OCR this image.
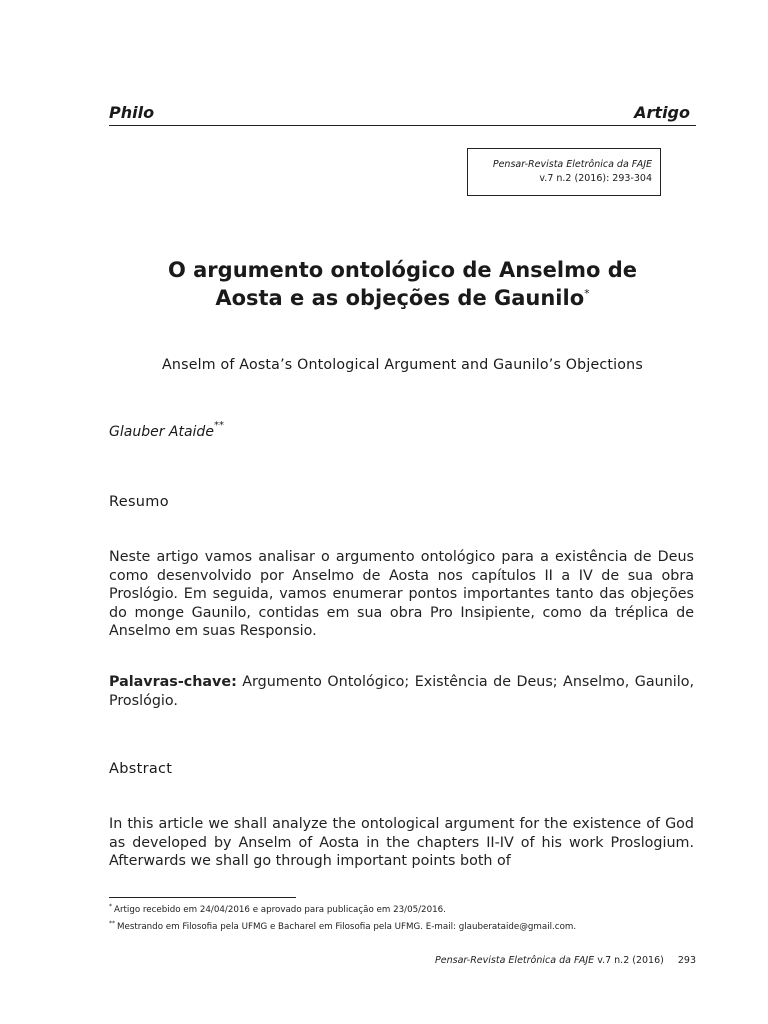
Philo	Artigo
Pensar-Revista Eletrônica da FAJE
v.7 n.2 (2016): 293-304
O argumento ontológico de Anselmo de
Aosta e as objeções de Gaunilo*
Anselm of Aosta’s Ontological Argument and Gaunilo’s Objections
Glauber Ataide**
Resumo
Neste artigo vamos analisar o argumento ontológico para a existência de Deus como desenvolvido por Anselmo de Aosta nos capítulos II a IV de sua obra Proslógio. Em seguida, vamos enumerar pontos importantes tanto das objeções do monge Gaunilo, contidas em sua obra Pro Insipiente, como da tréplica de Anselmo em suas Responsio.
Palavras-chave: Argumento Ontológico; Existência de Deus; Anselmo, Gaunilo, Proslógio.
Abstract
In this article we shall analyze the ontological argument for the existence of God as developed by Anselm of Aosta in the chapters II-IV of his work Proslogium. Afterwards we shall go through important points both of
* Artigo recebido em 24/04/2016 e aprovado para publicação em 23/05/2016.
** Mestrando em Filosofia pela UFMG e Bacharel em Filosofia pela UFMG. E-mail: glauberataide@gmail.com.
Pensar-Revista Eletrônica da FAJE v.7 n.2 (2016) 293
